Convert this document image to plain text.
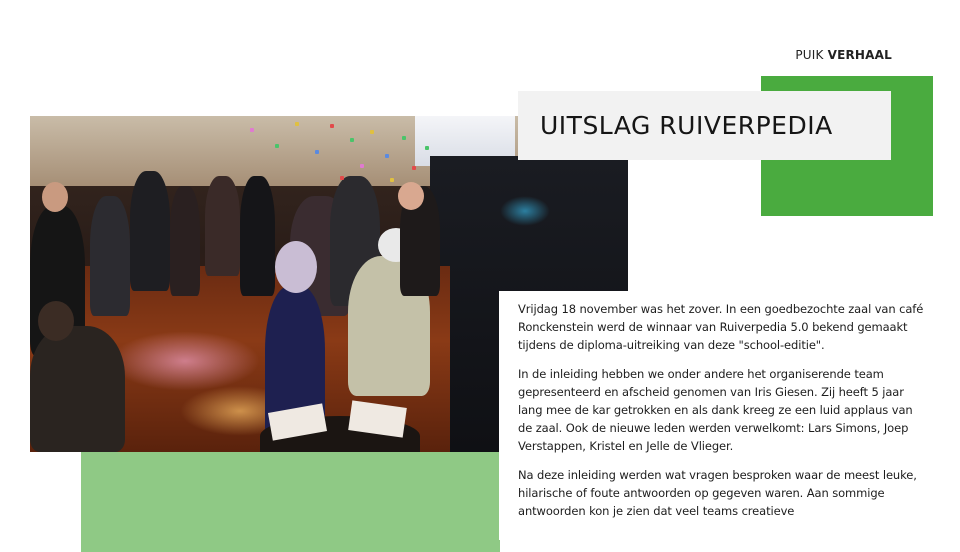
PUIK VERHAAL
UITSLAG RUIVERPEDIA

Vrijdag 18 november was het zover. In een goedbezochte zaal van café Ronckenstein werd de winnaar van Ruiverpedia 5.0 bekend gemaakt tijdens de diploma-uitreiking van deze "school-editie".

In de inleiding hebben we onder andere het organiserende team gepresenteerd en afscheid genomen van Iris Giesen. Zij heeft 5 jaar lang mee de kar getrokken en als dank kreeg ze een luid applaus van de zaal. Ook de nieuwe leden werden verwelkomt: Lars Simons, Joep Verstappen, Kristel en Jelle de Vlieger.

Na deze inleiding werden wat vragen besproken waar de meest leuke, hilarische of foute antwoorden op gegeven waren. Aan sommige antwoorden kon je zien dat veel teams creatieve
